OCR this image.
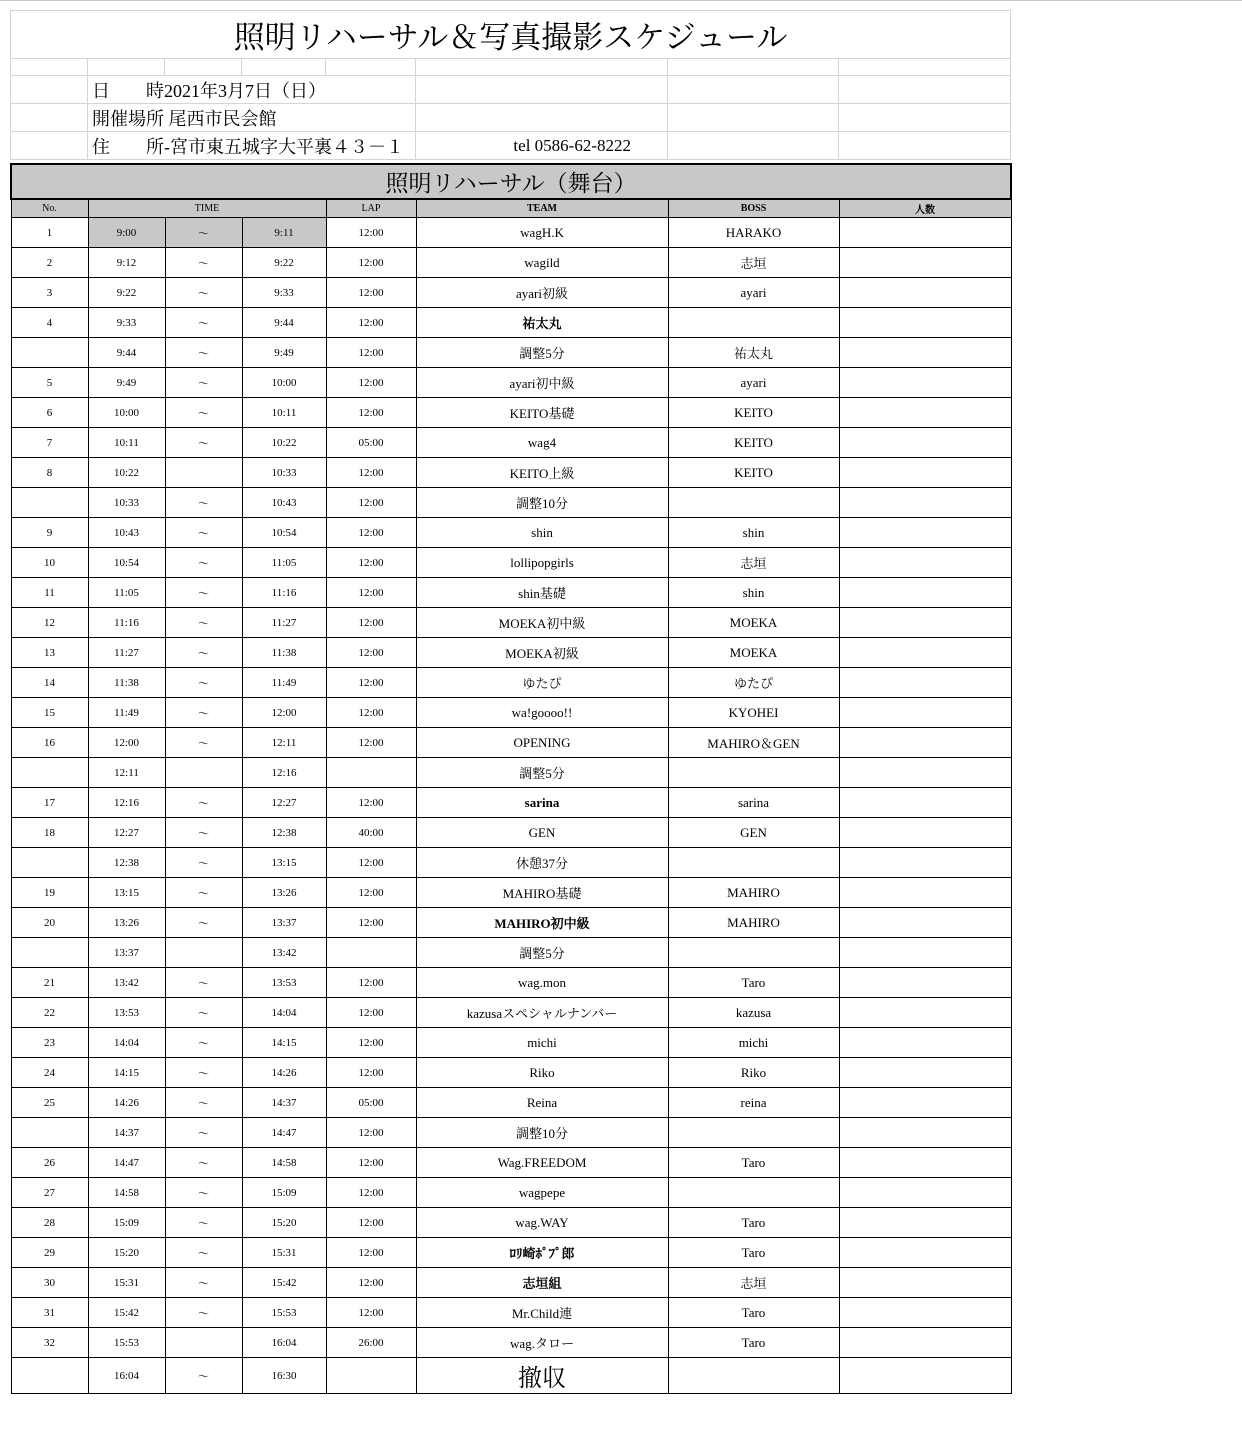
照明リハーサル＆写真撮影スケジュール							

	日　　時2021年3月7日（日）						
	開催場所 尾西市民会館						
	住　　所-宮市東五城字大平裏４３－１				tel 0586-62-8222		
照明リハーサル（舞台）							
No.	TIME			LAP	TEAM	BOSS	人数
1	9:00	～	9:11	12:00	wagH.K	HARAKO	
2	9:12	～	9:22	12:00	wagild	志垣	
3	9:22	～	9:33	12:00	ayari初級	ayari	
4	9:33	～	9:44	12:00	祐太丸		
	9:44	～	9:49	12:00	調整5分	祐太丸	
5	9:49	～	10:00	12:00	ayari初中級	ayari	
6	10:00	～	10:11	12:00	KEITO基礎	KEITO	
7	10:11	～	10:22	05:00	wag4	KEITO	
8	10:22		10:33	12:00	KEITO上級	KEITO	
	10:33	～	10:43	12:00	調整10分		
9	10:43	～	10:54	12:00	shin	shin	
10	10:54	～	11:05	12:00	lollipopgirls	志垣	
11	11:05	～	11:16	12:00	shin基礎	shin	
12	11:16	～	11:27	12:00	MOEKA初中級	MOEKA	
13	11:27	～	11:38	12:00	MOEKA初級	MOEKA	
14	11:38	～	11:49	12:00	ゆたぴ	ゆたぴ	
15	11:49	～	12:00	12:00	wa!goooo!!	KYOHEI	
16	12:00	～	12:11	12:00	OPENING	MAHIRO＆GEN	
	12:11		12:16		調整5分		
17	12:16	～	12:27	12:00	sarina	sarina	
18	12:27	～	12:38	40:00	GEN	GEN	
	12:38	～	13:15	12:00	休憩37分		
19	13:15	～	13:26	12:00	MAHIRO基礎	MAHIRO	
20	13:26	～	13:37	12:00	MAHIRO初中級	MAHIRO	
	13:37		13:42		調整5分		
21	13:42	～	13:53	12:00	wag.mon	Taro	
22	13:53	～	14:04	12:00	kazusaスペシャルナンバー	kazusa	
23	14:04	～	14:15	12:00	michi	michi	
24	14:15	～	14:26	12:00	Riko	Riko	
25	14:26	～	14:37	05:00	Reina	reina	
	14:37	～	14:47	12:00	調整10分		
26	14:47	～	14:58	12:00	Wag.FREEDOM	Taro	
27	14:58	～	15:09	12:00	wagpepe		
28	15:09	～	15:20	12:00	wag.WAY	Taro	
29	15:20	～	15:31	12:00	ﾛﾘ崎ﾎﾟﾌﾟ郎	Taro	
30	15:31	～	15:42	12:00	志垣組	志垣	
31	15:42	～	15:53	12:00	Mr.Child連	Taro	
32	15:53		16:04	26:00	wag.タロー	Taro	
	16:04	～	16:30		撤収		
